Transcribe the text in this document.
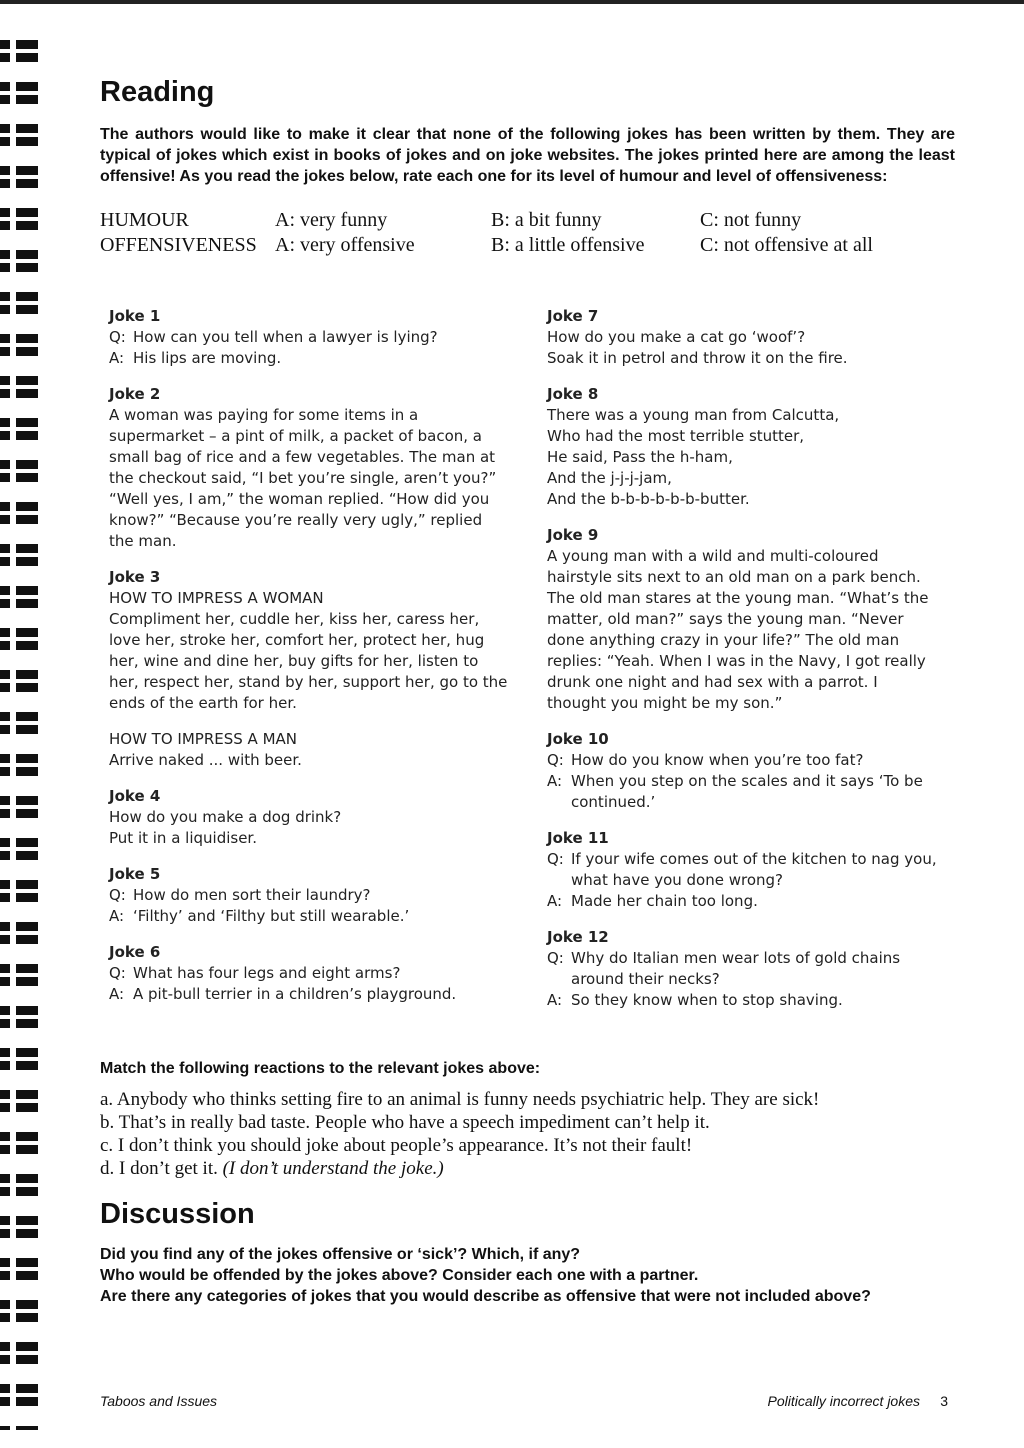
Reading

The authors would like to make it clear that none of the following jokes has been written by them. They are typical of jokes which exist in books of jokes and on joke websites. The jokes printed here are among the least offensive! As you read the jokes below, rate each one for its level of humour and level of offensiveness:

HUMOUR	A: very funny	B: a bit funny	C: not funny
OFFENSIVENESS A: very offensive	B: a little offensive	C: not offensive at all
Joke 1
Q: How can you tell when a lawyer is lying?
A: His lips are moving.
Joke 2
A woman was paying for some items in a supermarket – a pint of milk, a packet of bacon, a small bag of rice and a few vegetables. The man at the checkout said, “I bet you’re single, aren’t you?” “Well yes, I am,” the woman replied. “How did you know?” “Because you’re really very ugly,” replied the man.
Joke 3
HOW TO IMPRESS A WOMAN
Compliment her, cuddle her, kiss her, caress her, love her, stroke her, comfort her, protect her, hug her, wine and dine her, buy gifts for her, listen to her, respect her, stand by her, support her, go to the ends of the earth for her.
HOW TO IMPRESS A MAN
Arrive naked ... with beer.
Joke 4
How do you make a dog drink?
Put it in a liquidiser.
Joke 5
Q: How do men sort their laundry?
A: ‘Filthy’ and ‘Filthy but still wearable.’
Joke 6
Q: What has four legs and eight arms?
A: A pit-bull terrier in a children’s playground.
Joke 7
How do you make a cat go ‘woof’?
Soak it in petrol and throw it on the fire.
Joke 8
There was a young man from Calcutta,
Who had the most terrible stutter,
He said, Pass the h-ham,
And the j-j-j-jam,
And the b-b-b-b-b-b-butter.
Joke 9
A young man with a wild and multi-coloured hairstyle sits next to an old man on a park bench. The old man stares at the young man. “What’s the matter, old man?” says the young man. “Never done anything crazy in your life?” The old man replies: “Yeah. When I was in the Navy, I got really drunk one night and had sex with a parrot. I thought you might be my son.”
Joke 10
Q: How do you know when you’re too fat?
A: When you step on the scales and it says ‘To be continued.’
Joke 11
Q: If your wife comes out of the kitchen to nag you, what have you done wrong?
A: Made her chain too long.
Joke 12
Q: Why do Italian men wear lots of gold chains around their necks?
A: So they know when to stop shaving.

Match the following reactions to the relevant jokes above:

a. Anybody who thinks setting fire to an animal is funny needs psychiatric help. They are sick!
b. That’s in really bad taste. People who have a speech impediment can’t help it.
c. I don’t think you should joke about people’s appearance. It’s not their fault!
d. I don’t get it. (I don’t understand the joke.)
Discussion
Did you find any of the jokes offensive or ‘sick’? Which, if any?
Who would be offended by the jokes above? Consider each one with a partner.
Are there any categories of jokes that you would describe as offensive that were not included above?
Taboos and Issues	Politically incorrect jokes 3
